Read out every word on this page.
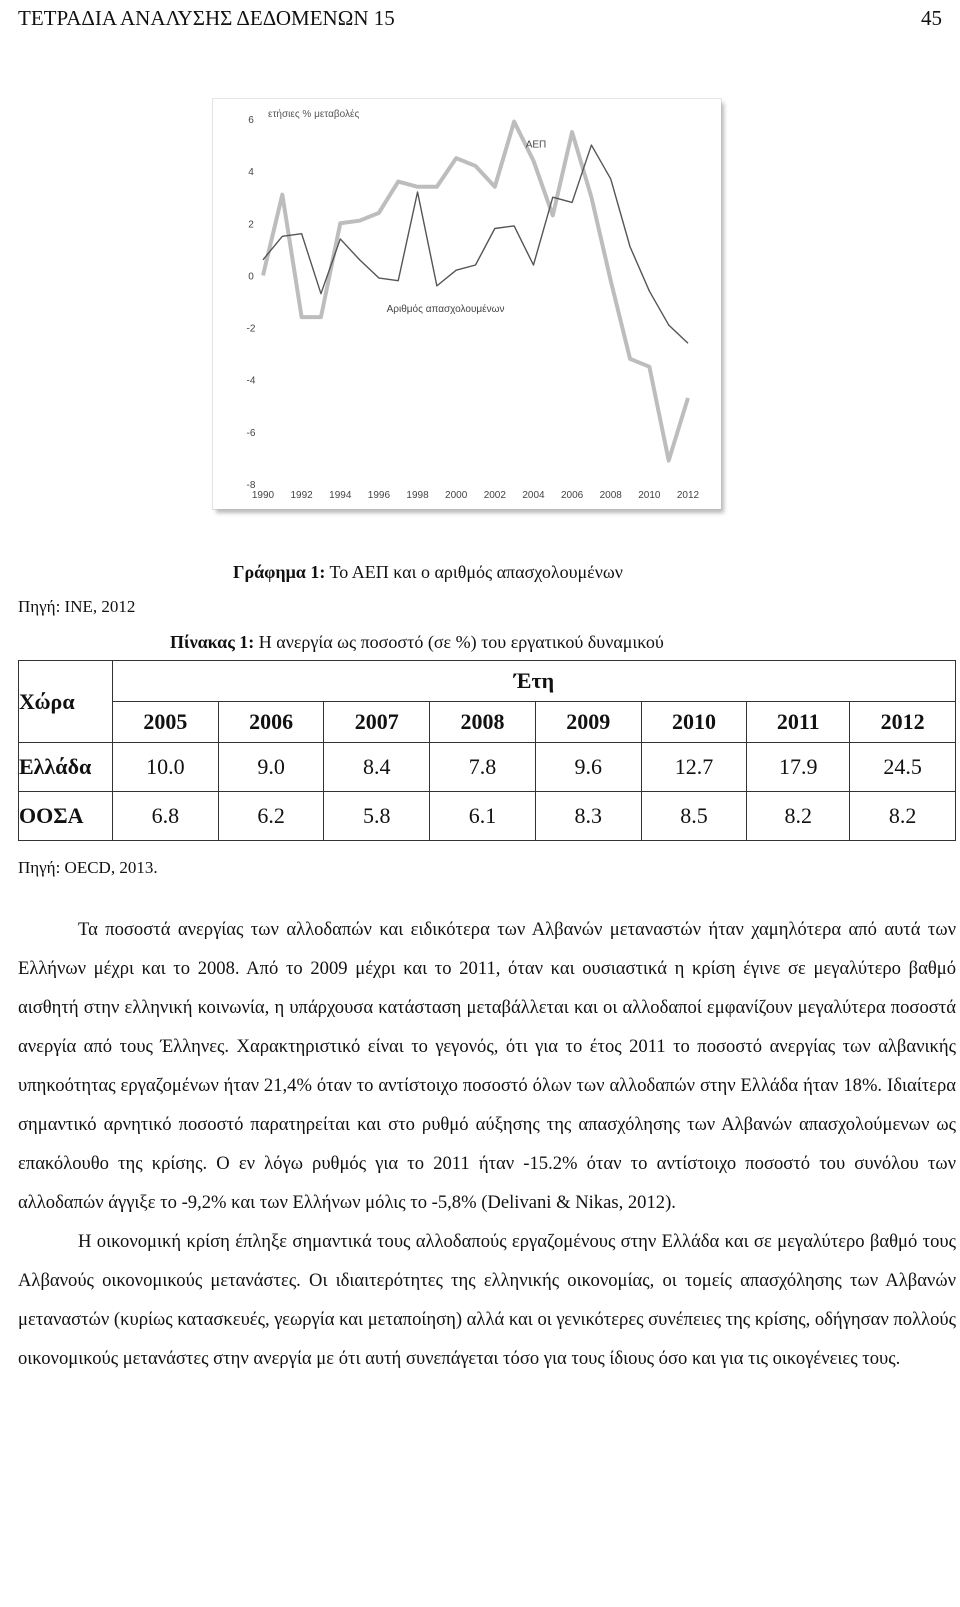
ΤΕΤΡΑΔΙΑ ΑΝΑΛΥΣΗΣ ΔΕΔΟΜΕΝΩΝ 15	45
6
4
2
0
-2
-4
-6
-8
1990 1992 1994 1996 1998 2000 2002 2004 2006 2008 2010 2012
ετήσιες % μεταβολές
ΑΕΠ
Αριθμός απασχολουμένων
Γράφημα 1: Το ΑΕΠ και ο αριθμός απασχολουμένων
Πηγή: ΙΝΕ, 2012
Πίνακας 1: Η ανεργία ως ποσοστό (σε %) του εργατικού δυναμικού
Χώρα	Έτη							
	2005	2006	2007	2008	2009	2010	2011	2012
Ελλάδα	10.0	9.0	8.4	7.8	9.6	12.7	17.9	24.5
ΟΟΣΑ	6.8	6.2	5.8	6.1	8.3	8.5	8.2	8.2
Πηγή: OECD, 2013.

Τα ποσοστά ανεργίας των αλλοδαπών και ειδικότερα των Αλβανών μεταναστών ήταν χαμηλότερα από αυτά των Ελλήνων μέχρι και το 2008. Από το 2009 μέχρι και το 2011, όταν και ουσιαστικά η κρίση έγινε σε μεγαλύτερο βαθμό αισθητή στην ελληνική κοινωνία, η υπάρχουσα κατάσταση μεταβάλλεται και οι αλλοδαποί εμφανίζουν μεγαλύτερα ποσοστά ανεργία από τους Έλληνες. Χαρακτηριστικό είναι το γεγονός, ότι για το έτος 2011 το ποσοστό ανεργίας των αλβανικής υπηκοότητας εργαζομένων ήταν 21,4% όταν το αντίστοιχο ποσοστό όλων των αλλοδαπών στην Ελλάδα ήταν 18%. Ιδιαίτερα σημαντικό αρνητικό ποσοστό παρατηρείται και στο ρυθμό αύξησης της απασχόλησης των Αλβανών απασχολούμενων ως επακόλουθο της κρίσης. Ο εν λόγω ρυθμός για το 2011 ήταν -15.2% όταν το αντίστοιχο ποσοστό του συνόλου των αλλοδαπών άγγιξε το -9,2% και των Ελλήνων μόλις το -5,8% (Delivani & Nikas, 2012).

Η οικονομική κρίση έπληξε σημαντικά τους αλλοδαπούς εργαζομένους στην Ελλάδα και σε μεγαλύτερο βαθμό τους Αλβανούς οικονομικούς μετανάστες. Οι ιδιαιτερότητες της ελληνικής οικονομίας, οι τομείς απασχόλησης των Αλβανών μεταναστών (κυρίως κατασκευές, γεωργία και μεταποίηση) αλλά και οι γενικότερες συνέπειες της κρίσης, οδήγησαν πολλούς οικονομικούς μετανάστες στην ανεργία με ότι αυτή συνεπάγεται τόσο για τους ίδιους όσο και για τις οικογένειες τους.
